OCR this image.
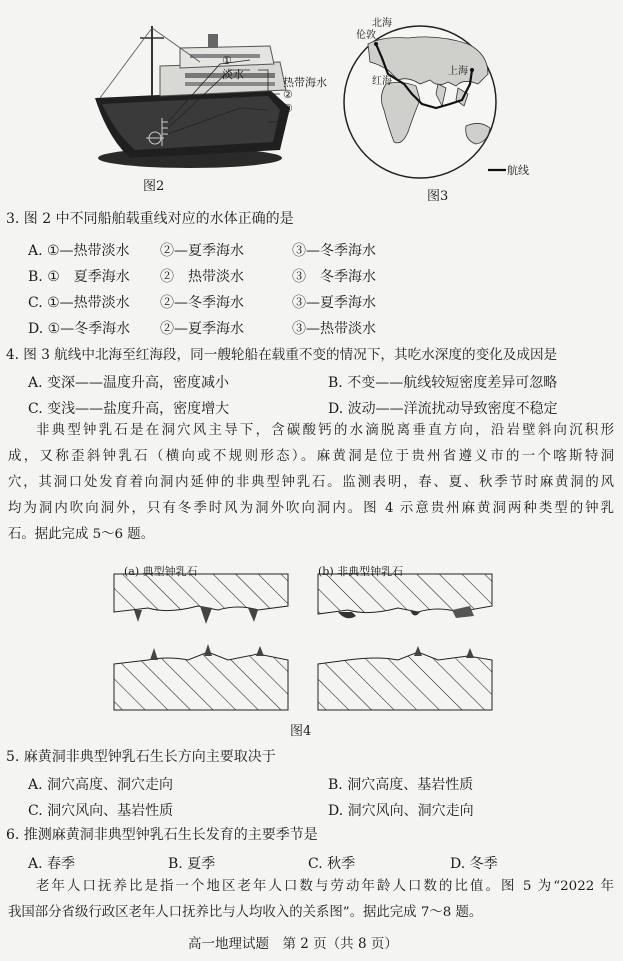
①
淡水
热带海水
②
③
图2
北海
伦敦
上海
红海
航线
图3
3. 图 2 中不同船舶载重线对应的水体正确的是
A. ①—热带淡水 ②—夏季海水	③—冬季海水
B. ①　夏季海水 ②　热带淡水	③　冬季海水
C. ①—热带淡水 ②—冬季海水	③—夏季海水
D. ①—冬季海水 ②—夏季海水	③—热带淡水
4. 图 3 航线中北海至红海段，同一艘轮船在载重不变的情况下，其吃水深度的变化及成因是
A. 变深——温度升高，密度减小	B. 不变——航线较短密度差异可忽略
C. 变浅——盐度升高，密度增大	D. 波动——洋流扰动导致密度不稳定
非典型钟乳石是在洞穴风主导下，含碳酸钙的水滴脱离垂直方向，沿岩壁斜向沉积形
成，又称歪斜钟乳石（横向或不规则形态）。麻黄洞是位于贵州省遵义市的一个喀斯特洞
穴，其洞口处发育着向洞内延伸的非典型钟乳石。监测表明，春、夏、秋季节时麻黄洞的风
均为洞内吹向洞外，只有冬季时风为洞外吹向洞内。图 4 示意贵州麻黄洞两种类型的钟乳
石。据此完成 5～6 题。
(a) 典型钟乳石	(b) 非典型钟乳石
图4
5. 麻黄洞非典型钟乳石生长方向主要取决于
A. 洞穴高度、洞穴走向	B. 洞穴高度、基岩性质
C. 洞穴风向、基岩性质	D. 洞穴风向、洞穴走向
6. 推测麻黄洞非典型钟乳石生长发育的主要季节是
A. 春季	B. 夏季	C. 秋季	D. 冬季
老年人口抚养比是指一个地区老年人口数与劳动年龄人口数的比值。图 5 为“2022 年
我国部分省级行政区老年人口抚养比与人均收入的关系图”。据此完成 7～8 题。
高一地理试题　第 2 页（共 8 页）
